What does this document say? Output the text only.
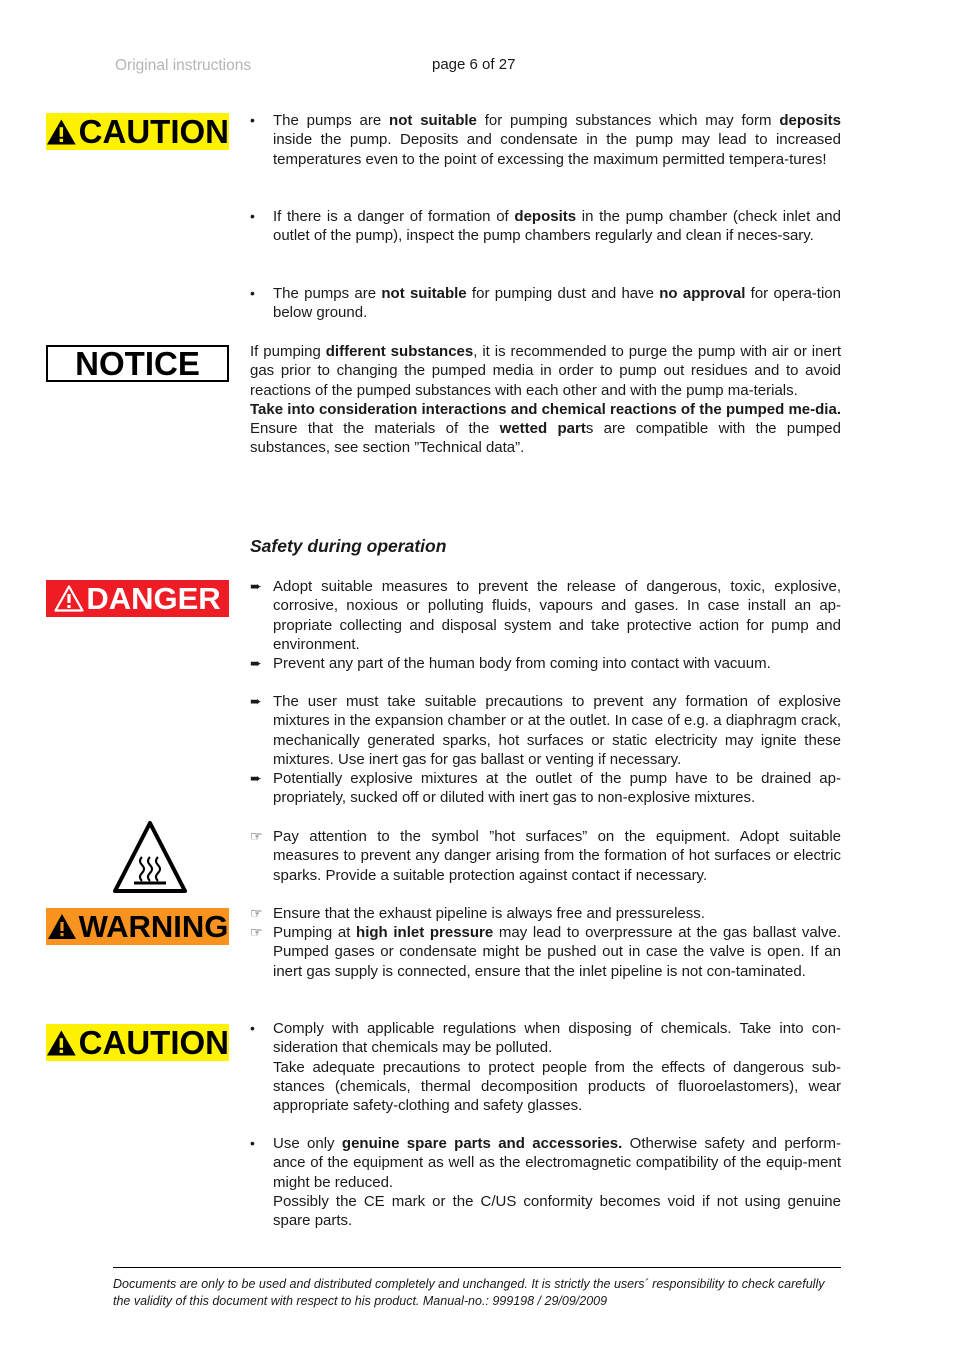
Original instructions	page 6 of 27
CAUTION •	The pumps are not suitable for pumping substances which may form deposits inside the pump. Deposits and condensate in the pump may lead to increased temperatures even to the point of excessing the maximum permitted tempera-tures!

•	If there is a danger of formation of deposits in the pump chamber (check inlet and outlet of the pump), inspect the pump chambers regularly and clean if neces-sary.

•	The pumps are not suitable for pumping dust and have no approval for opera-tion below ground.

NOTICE	If pumping different substances, it is recommended to purge the pump with air or inert gas prior to changing the pumped media in order to pump out residues and to avoid reactions of the pumped substances with each other and with the pump ma-terials.

Take into consideration interactions and chemical reactions of the pumped me-dia. Ensure that the materials of the wetted parts are compatible with the pumped substances, see section ”Technical data”.

Safety during operation
DANGER ➨ Adopt suitable measures to prevent the release of dangerous, toxic, explosive, corrosive, noxious or polluting fluids, vapours and gases. In case install an ap-propriate collecting and disposal system and take protective action for pump and environment.

➨ Prevent any part of the human body from coming into contact with vacuum.

➨ The user must take suitable precautions to prevent any formation of explosive mixtures in the expansion chamber or at the outlet. In case of e.g. a diaphragm crack, mechanically generated sparks, hot surfaces or static electricity may ignite these mixtures. Use inert gas for gas ballast or venting if necessary.

➨ Potentially explosive mixtures at the outlet of the pump have to be drained ap-propriately, sucked off or diluted with inert gas to non-explosive mixtures.

☞ Pay attention to the symbol ”hot surfaces” on the equipment. Adopt suitable measures to prevent any danger arising from the formation of hot surfaces or electric sparks. Provide a suitable protection against contact if necessary.

WARNING ☞ Ensure that the exhaust pipeline is always free and pressureless.

☞ Pumping at high inlet pressure may lead to overpressure at the gas ballast valve. Pumped gases or condensate might be pushed out in case the valve is open. If an inert gas supply is connected, ensure that the inlet pipeline is not con-taminated.

CAUTION •	Comply with applicable regulations when disposing of chemicals. Take into con-sideration that chemicals may be polluted.

Take adequate precautions to protect people from the effects of dangerous sub-stances (chemicals, thermal decomposition products of fluoroelastomers), wear appropriate safety-clothing and safety glasses.

•	Use only genuine spare parts and accessories. Otherwise safety and perform-ance of the equipment as well as the electromagnetic compatibility of the equip-ment might be reduced.

Possibly the CE mark or the C/US conformity becomes void if not using genuine spare parts.

Documents are only to be used and distributed completely and unchanged. It is strictly the users´ responsibility to check carefully

the validity of this document with respect to his product. Manual-no.: 999198 / 29/09/2009
